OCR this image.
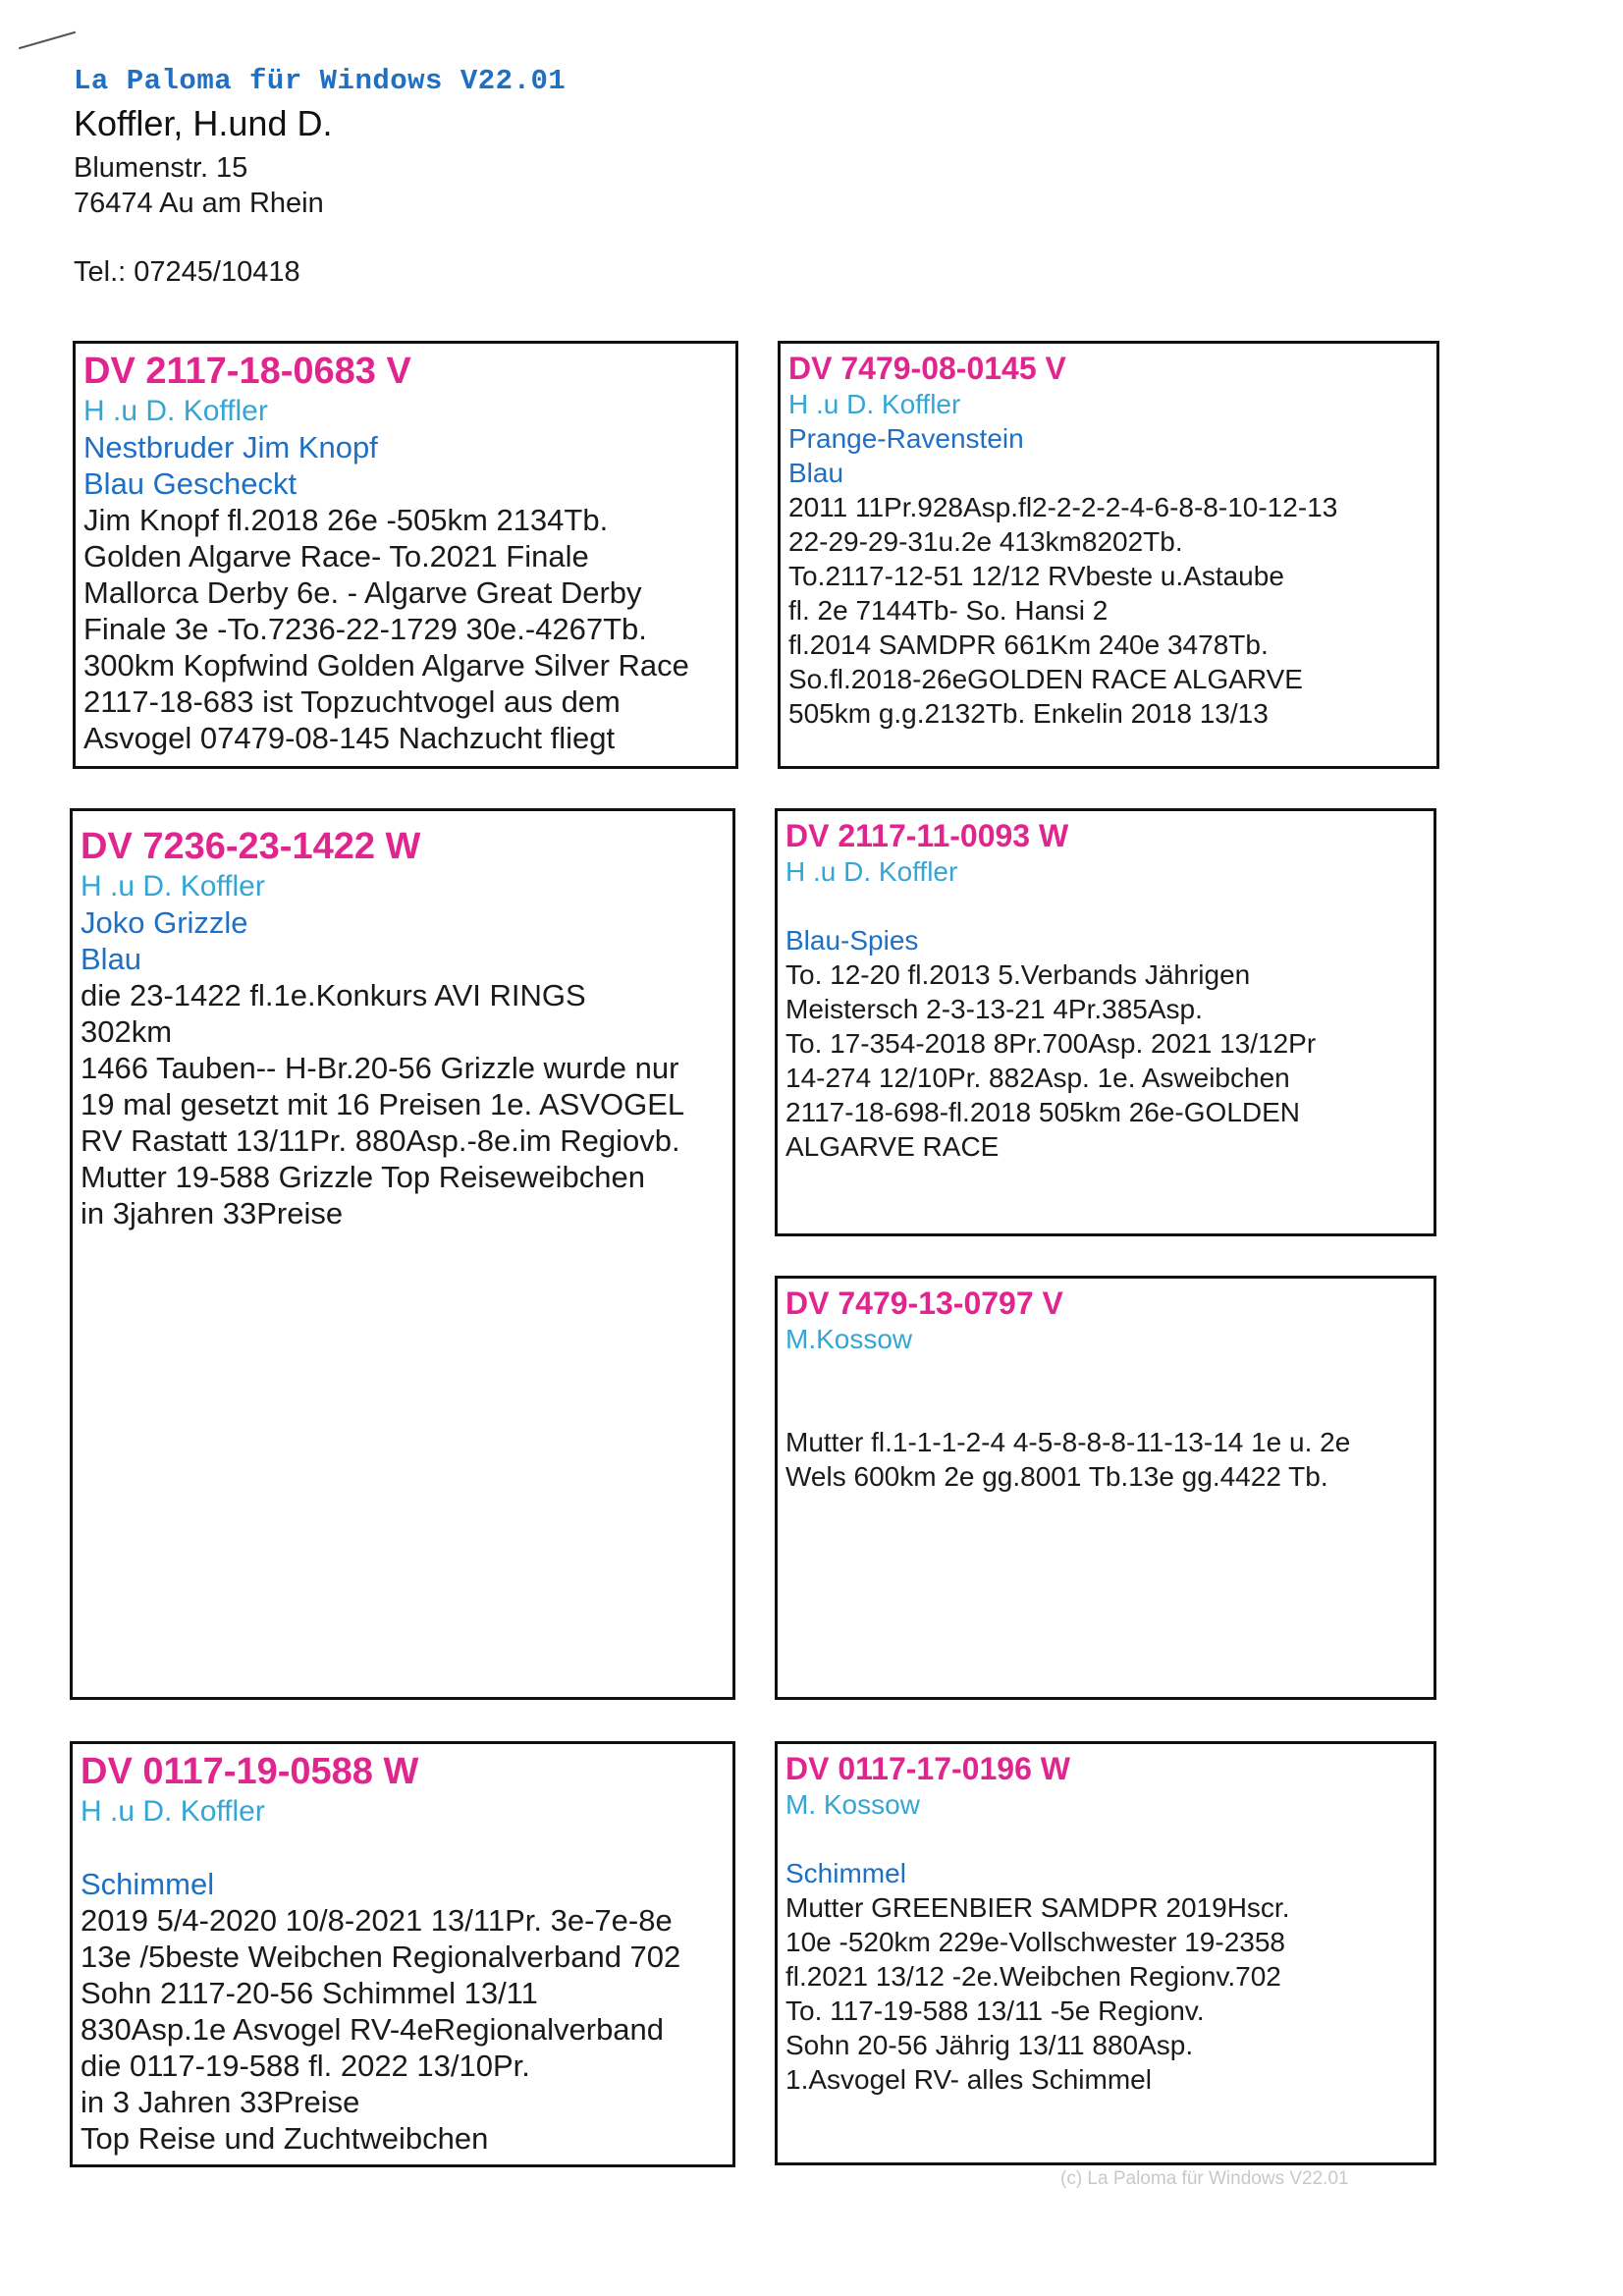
La Paloma für Windows V22.01
Koffler, H.und D.
Blumenstr. 15
76474 Au am Rhein
Tel.: 07245/10418
DV 2117-18-0683 V
H .u D. Koffler
Nestbruder Jim Knopf
Blau Gescheckt
Jim Knopf fl.2018 26e -505km 2134Tb.
Golden Algarve Race- To.2021 Finale
Mallorca Derby 6e. - Algarve Great Derby
Finale 3e -To.7236-22-1729 30e.-4267Tb.
300km Kopfwind Golden Algarve Silver Race
2117-18-683 ist Topzuchtvogel aus dem
Asvogel 07479-08-145 Nachzucht fliegt
DV 7479-08-0145 V
H .u D. Koffler
Prange-Ravenstein
Blau
2011 11Pr.928Asp.fl2-2-2-2-4-6-8-8-10-12-13
22-29-29-31u.2e 413km8202Tb.
To.2117-12-51 12/12 RVbeste u.Astaube
fl. 2e 7144Tb- So. Hansi 2
fl.2014 SAMDPR 661Km 240e 3478Tb.
So.fl.2018-26eGOLDEN RACE ALGARVE
505km g.g.2132Tb. Enkelin 2018 13/13
DV 7236-23-1422 W
H .u D. Koffler
Joko Grizzle
Blau
die 23-1422 fl.1e.Konkurs AVI RINGS
302km
1466 Tauben-- H-Br.20-56 Grizzle wurde nur
19 mal gesetzt mit 16 Preisen 1e. ASVOGEL
RV Rastatt 13/11Pr. 880Asp.-8e.im Regiovb.
Mutter 19-588 Grizzle Top Reiseweibchen
in 3jahren 33Preise
DV 2117-11-0093 W
H .u D. Koffler
Blau-Spies
To. 12-20 fl.2013 5.Verbands Jährigen
Meistersch 2-3-13-21 4Pr.385Asp.
To. 17-354-2018 8Pr.700Asp. 2021 13/12Pr
14-274 12/10Pr. 882Asp. 1e. Asweibchen
2117-18-698-fl.2018 505km 26e-GOLDEN
ALGARVE RACE
DV 7479-13-0797 V
M.Kossow
Mutter fl.1-1-1-2-4 4-5-8-8-8-11-13-14 1e u. 2e
Wels 600km 2e gg.8001 Tb.13e gg.4422 Tb.
DV 0117-19-0588 W
H .u D. Koffler
Schimmel
2019 5/4-2020 10/8-2021 13/11Pr. 3e-7e-8e
13e /5beste Weibchen Regionalverband 702
Sohn 2117-20-56 Schimmel 13/11
830Asp.1e Asvogel RV-4eRegionalverband
die 0117-19-588 fl. 2022 13/10Pr.
in 3 Jahren 33Preise
Top Reise und Zuchtweibchen
DV 0117-17-0196 W
M. Kossow
Schimmel
Mutter GREENBIER SAMDPR 2019Hscr.
10e -520km 229e-Vollschwester 19-2358
fl.2021 13/12 -2e.Weibchen Regionv.702
To. 117-19-588 13/11 -5e Regionv.
Sohn 20-56 Jährig 13/11 880Asp.
1.Asvogel RV- alles Schimmel
(c) La Paloma für Windows V22.01
